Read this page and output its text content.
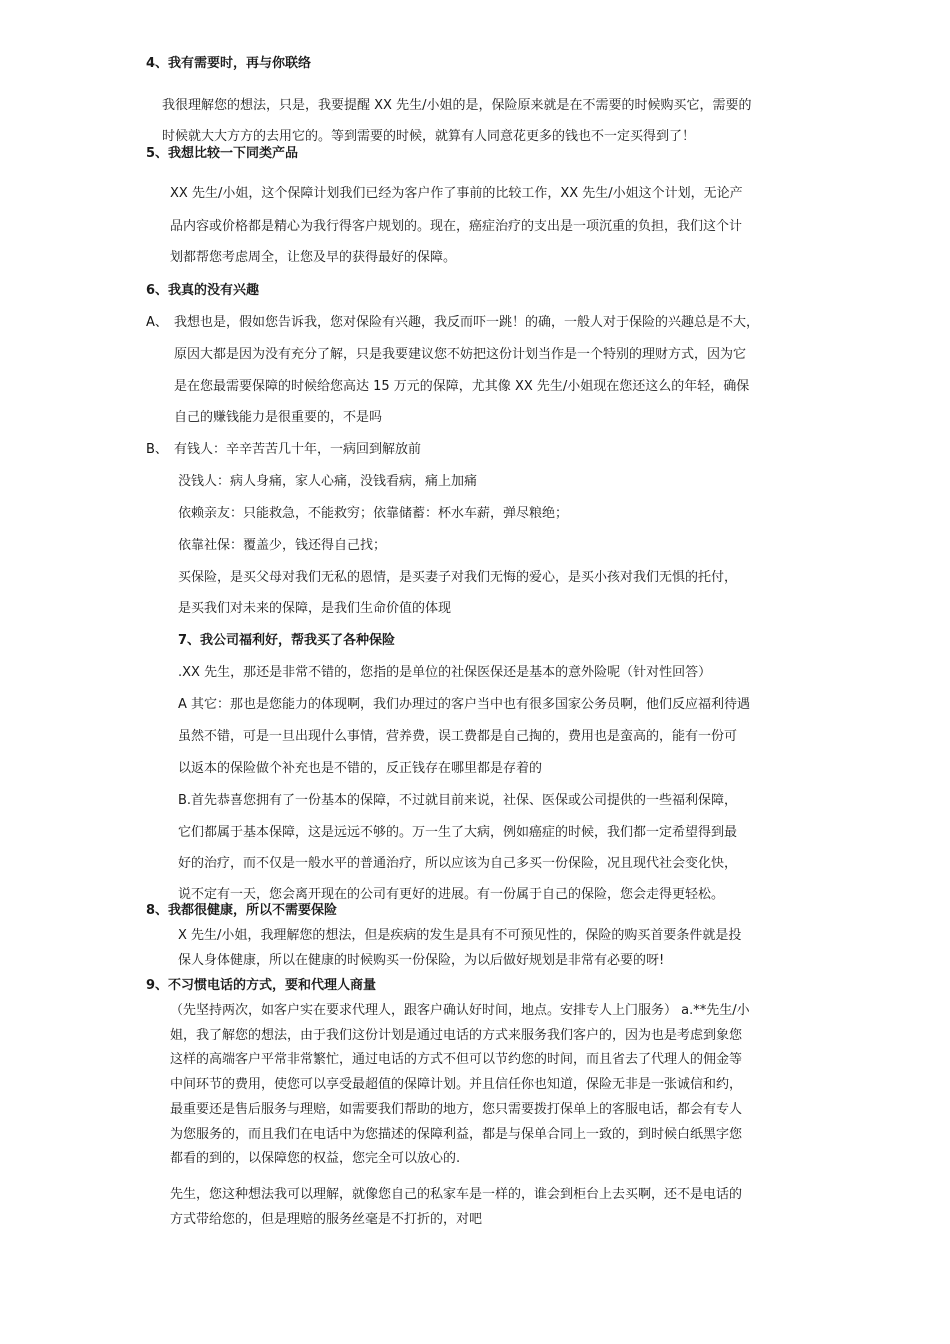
4、我有需要时，再与你联络
我很理解您的想法，只是，我要提醒 XX 先生/小姐的是，保险原来就是在不需要的时候购买它，需要的
时候就大大方方的去用它的。等到需要的时候，就算有人同意花更多的钱也不一定买得到了！
5、我想比较一下同类产品
XX 先生/小姐，这个保障计划我们已经为客户作了事前的比较工作，XX 先生/小姐这个计划，无论产
品内容或价格都是精心为我行得客户规划的。现在，癌症治疗的支出是一项沉重的负担，我们这个计
划都帮您考虑周全，让您及早的获得最好的保障。
6、我真的没有兴趣
A、 我想也是，假如您告诉我，您对保险有兴趣，我反而吓一跳！的确，一般人对于保险的兴趣总是不大，
原因大都是因为没有充分了解，只是我要建议您不妨把这份计划当作是一个特别的理财方式，因为它
是在您最需要保障的时候给您高达 15 万元的保障，尤其像 XX 先生/小姐现在您还这么的年轻，确保
自己的赚钱能力是很重要的，不是吗
B、 有钱人：辛辛苦苦几十年，一病回到解放前
没钱人：病人身痛，家人心痛，没钱看病，痛上加痛
依赖亲友：只能救急，不能救穷；依靠储蓄：杯水车薪，弹尽粮绝；
依靠社保：覆盖少，钱还得自己找；
买保险，是买父母对我们无私的恩情，是买妻子对我们无悔的爱心，是买小孩对我们无惧的托付，
是买我们对未来的保障，是我们生命价值的体现
7、我公司福利好，帮我买了各种保险
.XX 先生，那还是非常不错的，您指的是单位的社保医保还是基本的意外险呢（针对性回答）
A 其它：那也是您能力的体现啊，我们办理过的客户当中也有很多国家公务员啊，他们反应福利待遇
虽然不错，可是一旦出现什么事情，营养费，误工费都是自己掏的，费用也是蛮高的，能有一份可
以返本的保险做个补充也是不错的，反正钱存在哪里都是存着的
B.首先恭喜您拥有了一份基本的保障，不过就目前来说，社保、医保或公司提供的一些福利保障，
它们都属于基本保障，这是远远不够的。万一生了大病，例如癌症的时候，我们都一定希望得到最
好的治疗，而不仅是一般水平的普通治疗，所以应该为自己多买一份保险，况且现代社会变化快，
说不定有一天，您会离开现在的公司有更好的进展。有一份属于自己的保险，您会走得更轻松。
8、我都很健康，所以不需要保险
X 先生/小姐，我理解您的想法，但是疾病的发生是具有不可预见性的，保险的购买首要条件就是投
保人身体健康，所以在健康的时候购买一份保险，为以后做好规划是非常有必要的呀!
9、不习惯电话的方式，要和代理人商量
（先坚持两次，如客户实在要求代理人，跟客户确认好时间，地点。安排专人上门服务） a.**先生/小
姐，我了解您的想法，由于我们这份计划是通过电话的方式来服务我们客户的，因为也是考虑到象您
这样的高端客户平常非常繁忙，通过电话的方式不但可以节约您的时间，而且省去了代理人的佣金等
中间环节的费用，使您可以享受最超值的保障计划。并且信任你也知道，保险无非是一张诚信和约，
最重要还是售后服务与理赔，如需要我们帮助的地方，您只需要拨打保单上的客服电话，都会有专人
为您服务的，而且我们在电话中为您描述的保障利益，都是与保单合同上一致的，到时候白纸黑字您
都看的到的，以保障您的权益，您完全可以放心的.
先生，您这种想法我可以理解，就像您自己的私家车是一样的，谁会到柜台上去买啊，还不是电话的
方式带给您的，但是理赔的服务丝毫是不打折的，对吧
